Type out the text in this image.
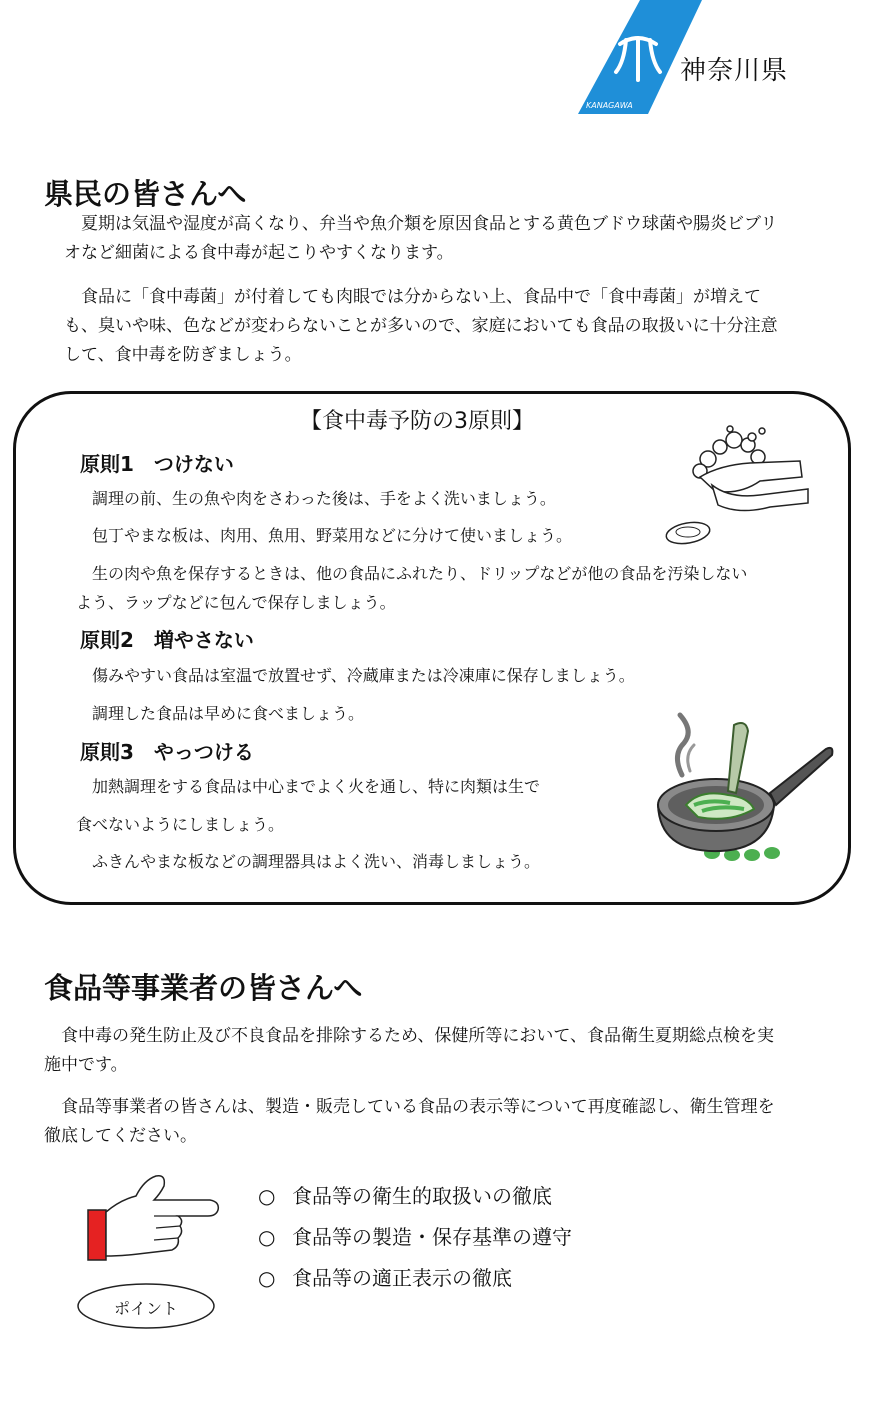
KANAGAWA
神奈川県
県民の皆さんへ

　夏期は気温や湿度が高くなり、弁当や魚介類を原因食品とする黄色ブドウ球菌や腸炎ビブリオなど細菌による食中毒が起こりやすくなります。

　食品に「食中毒菌」が付着しても肉眼では分からない上、食品中で「食中毒菌」が増えても、臭いや味、色などが変わらないことが多いので、家庭においても食品の取扱いに十分注意して、食中毒を防ぎましょう。

【食中毒予防の3原則】
原則1　つけない
調理の前、生の魚や肉をさわった後は、手をよく洗いましょう。
包丁やまな板は、肉用、魚用、野菜用などに分けて使いましょう。
生の肉や魚を保存するときは、他の食品にふれたり、ドリップなどが他の食品を汚染しない
よう、ラップなどに包んで保存しましょう。
原則2　増やさない
傷みやすい食品は室温で放置せず、冷蔵庫または冷凍庫に保存しましょう。
調理した食品は早めに食べましょう。
原則3　やっつける
加熱調理をする食品は中心までよく火を通し、特に肉類は生で
食べないようにしましょう。
ふきんやまな板などの調理器具はよく洗い、消毒しましょう。
食品等事業者の皆さんへ

　食中毒の発生防止及び不良食品を排除するため、保健所等において、食品衛生夏期総点検を実施中です。

　食品等事業者の皆さんは、製造・販売している食品の表示等について再度確認し、衛生管理を徹底してください。

ポイント
○ 食品等の衛生的取扱いの徹底
○ 食品等の製造・保存基準の遵守
○ 食品等の適正表示の徹底
